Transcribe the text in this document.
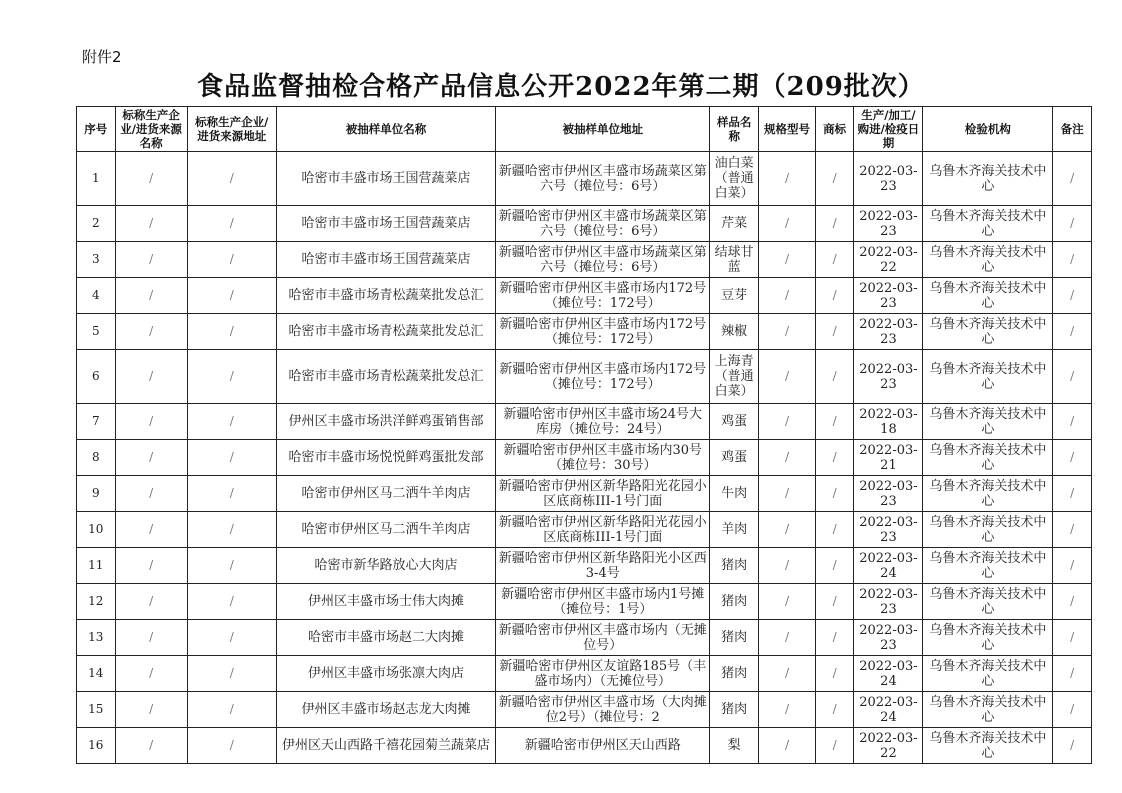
附件2
食品监督抽检合格产品信息公开2022年第二期（209批次）
序号	标称生产企业/进货来源名称	标称生产企业/进货来源地址	被抽样单位名称	被抽样单位地址	样品名称	规格型号	商标	生产/加工/购进/检疫日期	检验机构	备注
1	/	/	哈密市丰盛市场王国营蔬菜店	新疆哈密市伊州区丰盛市场蔬菜区第六号（摊位号：6号）	油白菜（普通白菜）	/	/	2022-03-23	乌鲁木齐海关技术中心	/
2	/	/	哈密市丰盛市场王国营蔬菜店	新疆哈密市伊州区丰盛市场蔬菜区第六号（摊位号：6号）	芹菜	/	/	2022-03-23	乌鲁木齐海关技术中心	/
3	/	/	哈密市丰盛市场王国营蔬菜店	新疆哈密市伊州区丰盛市场蔬菜区第六号（摊位号：6号）	结球甘蓝	/	/	2022-03-22	乌鲁木齐海关技术中心	/
4	/	/	哈密市丰盛市场青松蔬菜批发总汇	新疆哈密市伊州区丰盛市场内172号（摊位号：172号）	豆芽	/	/	2022-03-23	乌鲁木齐海关技术中心	/
5	/	/	哈密市丰盛市场青松蔬菜批发总汇	新疆哈密市伊州区丰盛市场内172号（摊位号：172号）	辣椒	/	/	2022-03-23	乌鲁木齐海关技术中心	/
6	/	/	哈密市丰盛市场青松蔬菜批发总汇	新疆哈密市伊州区丰盛市场内172号（摊位号：172号）	上海青（普通白菜）	/	/	2022-03-23	乌鲁木齐海关技术中心	/
7	/	/	伊州区丰盛市场洪洋鲜鸡蛋销售部	新疆哈密市伊州区丰盛市场24号大库房（摊位号：24号）	鸡蛋	/	/	2022-03-18	乌鲁木齐海关技术中心	/
8	/	/	哈密市丰盛市场悦悦鲜鸡蛋批发部	新疆哈密市伊州区丰盛市场内30号（摊位号：30号）	鸡蛋	/	/	2022-03-21	乌鲁木齐海关技术中心	/
9	/	/	哈密市伊州区马二洒牛羊肉店	新疆哈密市伊州区新华路阳光花园小区底商栋III-1号门面	牛肉	/	/	2022-03-23	乌鲁木齐海关技术中心	/
10	/	/	哈密市伊州区马二洒牛羊肉店	新疆哈密市伊州区新华路阳光花园小区底商栋III-1号门面	羊肉	/	/	2022-03-23	乌鲁木齐海关技术中心	/
11	/	/	哈密市新华路放心大肉店	新疆哈密市伊州区新华路阳光小区西3-4号	猪肉	/	/	2022-03-24	乌鲁木齐海关技术中心	/
12	/	/	伊州区丰盛市场士伟大肉摊	新疆哈密市伊州区丰盛市场内1号摊（摊位号：1号）	猪肉	/	/	2022-03-23	乌鲁木齐海关技术中心	/
13	/	/	哈密市丰盛市场赵二大肉摊	新疆哈密市伊州区丰盛市场内（无摊位号）	猪肉	/	/	2022-03-23	乌鲁木齐海关技术中心	/
14	/	/	伊州区丰盛市场张凛大肉店	新疆哈密市伊州区友谊路185号（丰盛市场内）（无摊位号）	猪肉	/	/	2022-03-24	乌鲁木齐海关技术中心	/
15	/	/	伊州区丰盛市场赵志龙大肉摊	新疆哈密市伊州区丰盛市场（大肉摊位2号）（摊位号：2	猪肉	/	/	2022-03-24	乌鲁木齐海关技术中心	/
16	/	/	伊州区天山西路千禧花园菊兰蔬菜店	新疆哈密市伊州区天山西路	梨	/	/	2022-03-22	乌鲁木齐海关技术中心	/
